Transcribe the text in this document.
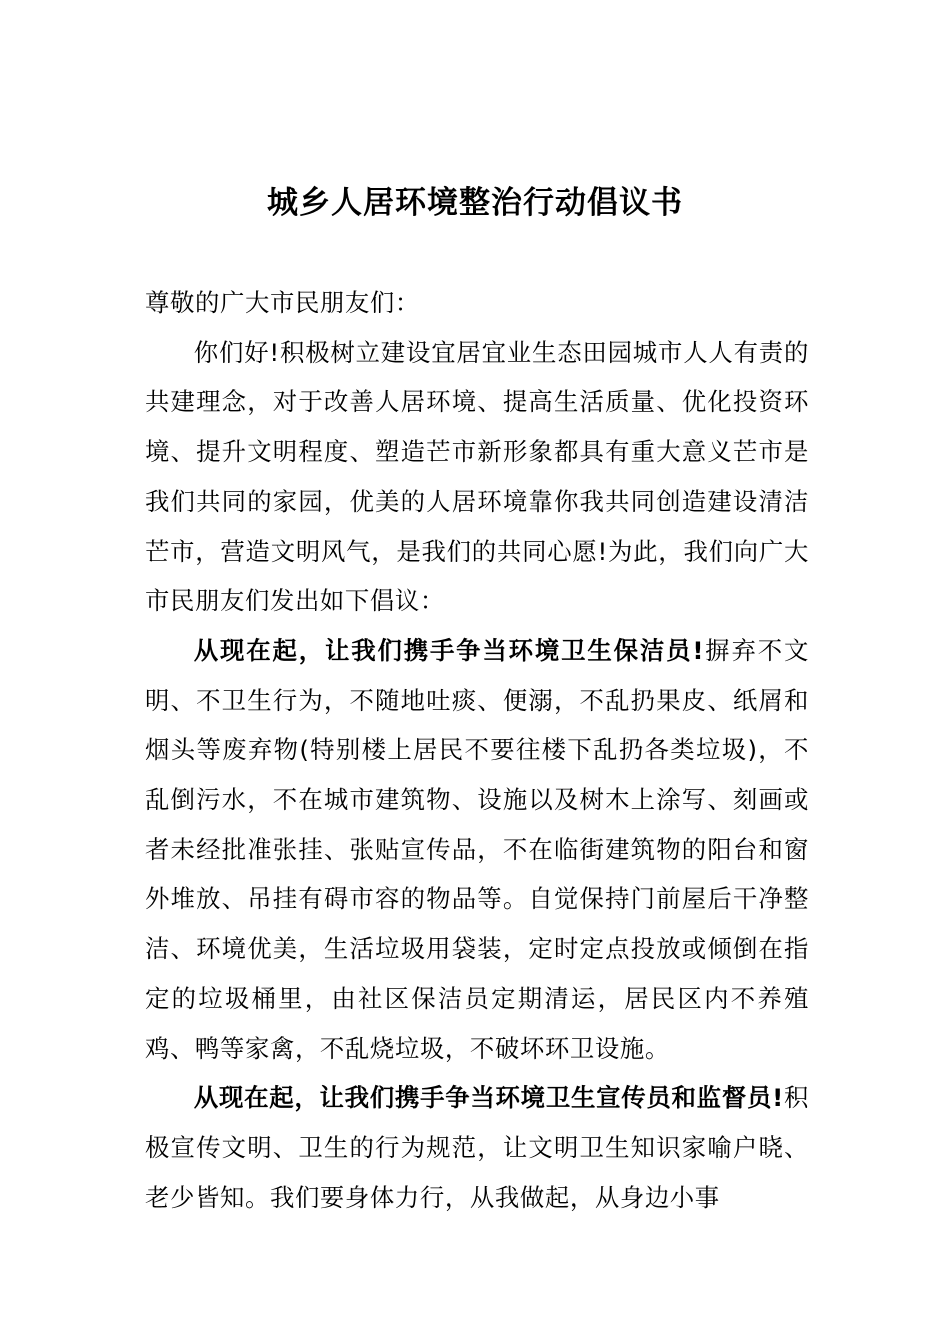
城乡人居环境整治行动倡议书

尊敬的广大市民朋友们：

你们好!积极树立建设宜居宜业生态田园城市人人有责的共建理念，对于改善人居环境、提高生活质量、优化投资环境、提升文明程度、塑造芒市新形象都具有重大意义芒市是我们共同的家园，优美的人居环境靠你我共同创造建设清洁芒市，营造文明风气，是我们的共同心愿!为此，我们向广大市民朋友们发出如下倡议：

从现在起，让我们携手争当环境卫生保洁员!摒弃不文明、不卫生行为，不随地吐痰、便溺，不乱扔果皮、纸屑和烟头等废弃物(特别楼上居民不要往楼下乱扔各类垃圾)，不乱倒污水，不在城市建筑物、设施以及树木上涂写、刻画或者未经批准张挂、张贴宣传品，不在临街建筑物的阳台和窗外堆放、吊挂有碍市容的物品等。自觉保持门前屋后干净整洁、环境优美，生活垃圾用袋装，定时定点投放或倾倒在指定的垃圾桶里，由社区保洁员定期清运，居民区内不养殖鸡、鸭等家禽，不乱烧垃圾，不破坏环卫设施。

从现在起，让我们携手争当环境卫生宣传员和监督员!积极宣传文明、卫生的行为规范，让文明卫生知识家喻户晓、老少皆知。我们要身体力行，从我做起，从身边小事
